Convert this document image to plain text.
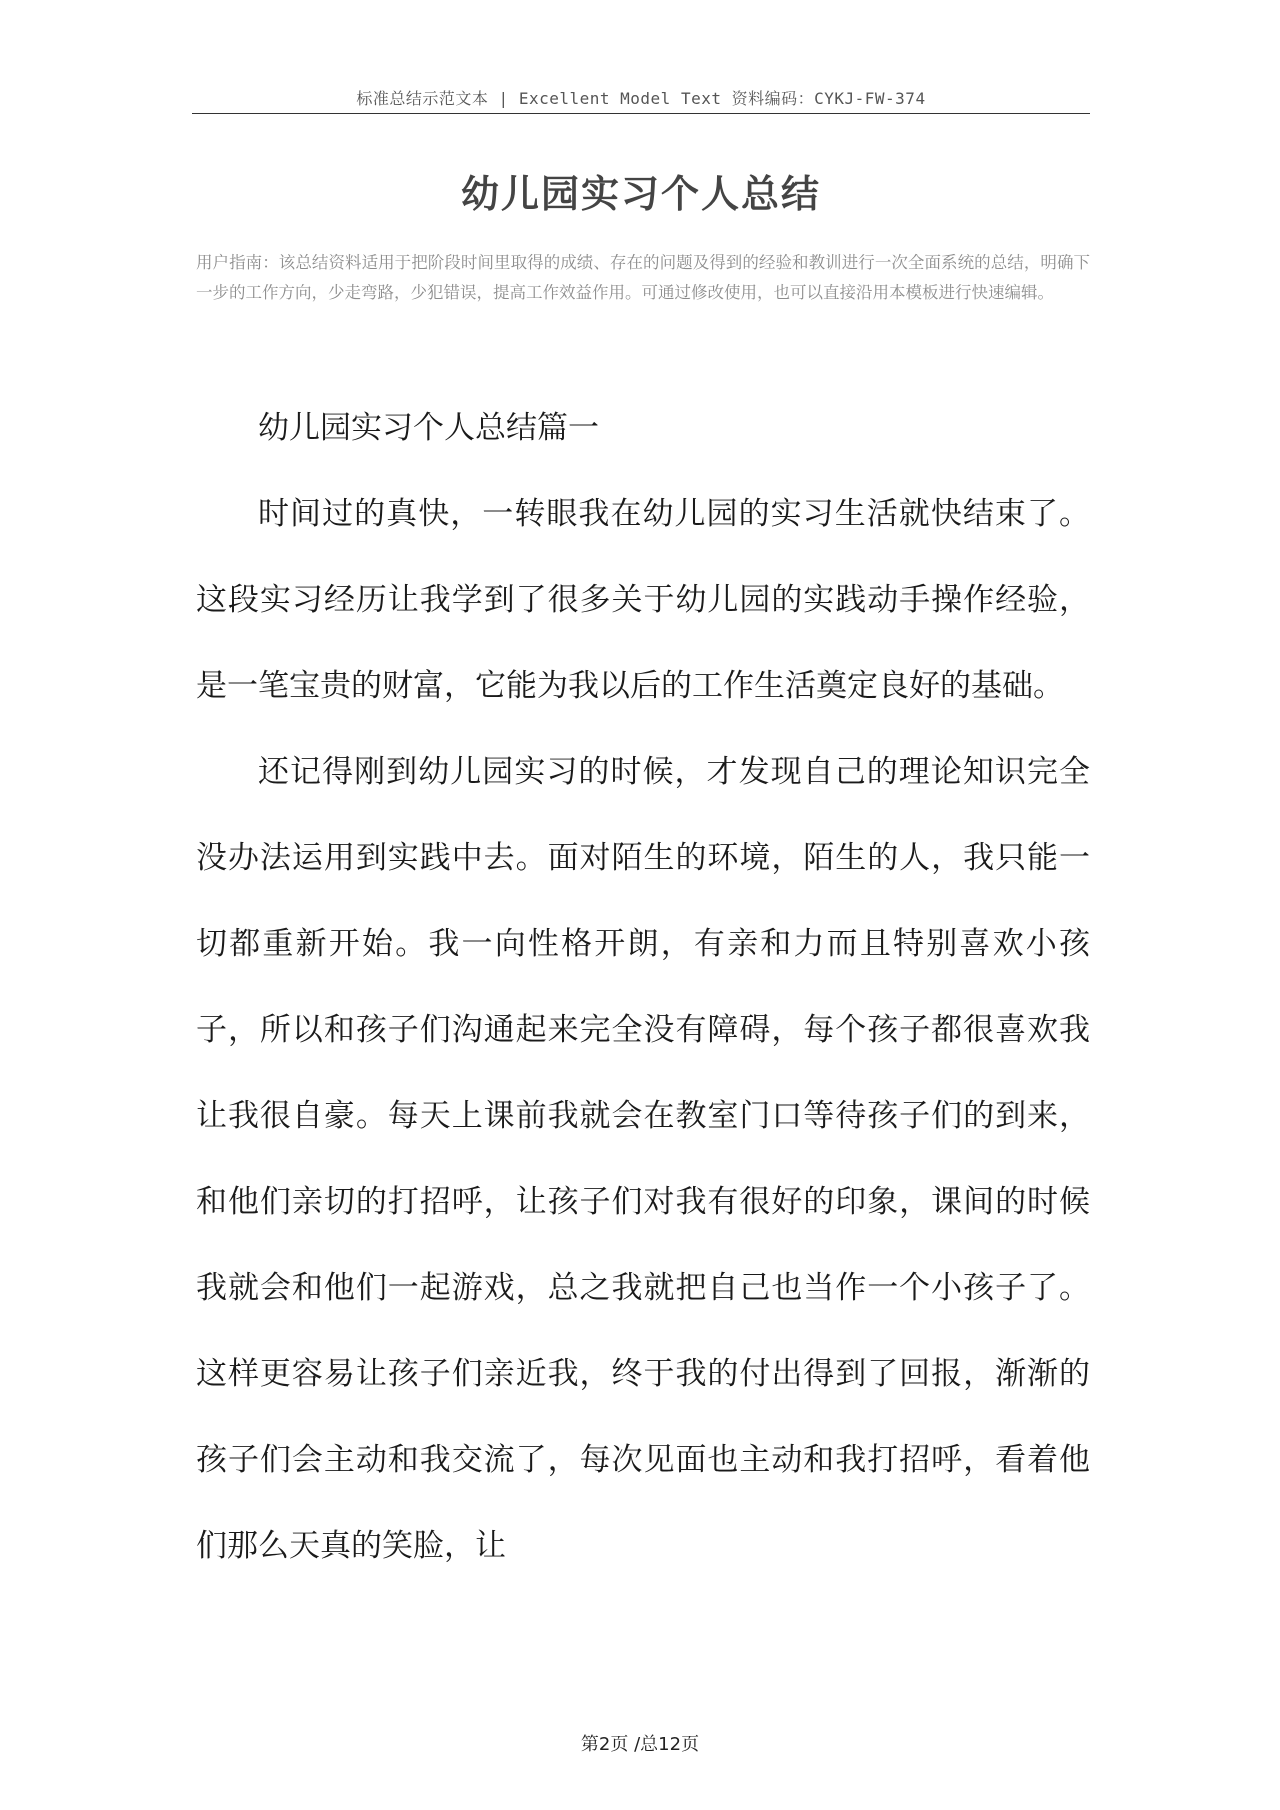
标准总结示范文本 | Excellent Model Text 资料编码：CYKJ-FW-374
幼儿园实习个人总结
用户指南：该总结资料适用于把阶段时间里取得的成绩、存在的问题及得到的经验和教训进行一次全面系统的总结，明确下一步的工作方向，少走弯路，少犯错误，提高工作效益作用。可通过修改使用，也可以直接沿用本模板进行快速编辑。

幼儿园实习个人总结篇一

时间过的真快，一转眼我在幼儿园的实习生活就快结束了。这段实习经历让我学到了很多关于幼儿园的实践动手操作经验，是一笔宝贵的财富，它能为我以后的工作生活奠定良好的基础。

还记得刚到幼儿园实习的时候，才发现自己的理论知识完全没办法运用到实践中去。面对陌生的环境，陌生的人，我只能一切都重新开始。我一向性格开朗，有亲和力而且特别喜欢小孩子，所以和孩子们沟通起来完全没有障碍，每个孩子都很喜欢我让我很自豪。每天上课前我就会在教室门口等待孩子们的到来，和他们亲切的打招呼，让孩子们对我有很好的印象，课间的时候我就会和他们一起游戏，总之我就把自己也当作一个小孩子了。这样更容易让孩子们亲近我，终于我的付出得到了回报，渐渐的孩子们会主动和我交流了，每次见面也主动和我打招呼，看着他们那么天真的笑脸，让

第2页 /总12页
